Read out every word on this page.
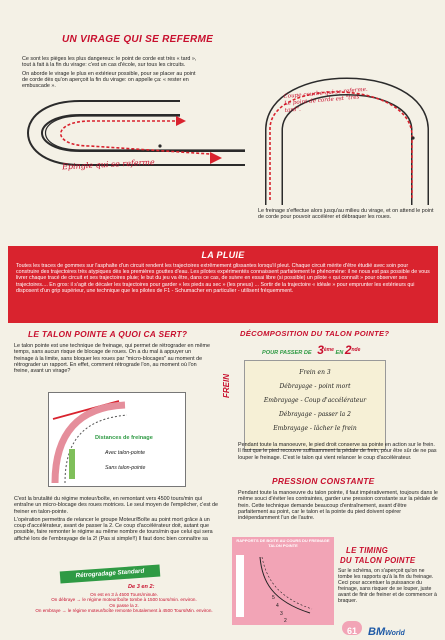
UN VIRAGE QUI SE REFERME

Ce sont les pièges les plus dangereux: le point de corde est très « tard », tout à fait à la fin du virage: c'est un cas d'école, sur tous les circuits.

On aborde le virage le plus en extérieur possible, pour se placer au point de corde dès qu'on aperçoit la fin du virage: on appelle ça: « rester en embuscade ».

Epingle qui se referme
Coupe courbe qui se referme. Le point de corde est "très tard".
Le freinage s'effectue alors jusqu'au milieu du virage, et on attend le point de corde pour pouvoir accélérer et débraquer les roues.
LA PLUIE
Toutes les traces de gommes sur l'asphalte d'un circuit rendent les trajectoires extrêmement glissantes lorsqu'il pleut. Chaque circuit mérite d'être étudié avec soin pour construire des trajectoires très atypiques dès les premières gouttes d'eau. Les pilotes expérimentés connaissent parfaitement le phénomène: il ne nous est pas possible de vous livrer chaque tracé de circuit et ses trajectoires pluie; le but du jeu va être, dans ce cas, de suivre en essai libre (si possible) un pilote « qui connaît » pour observer ses trajectoires.... En gros: il s'agit de décaler les trajectoires pour garder « les pieds au sec » (les pneus) ... Sortir de la trajectoire « idéale » pour emprunter les extérieurs qui disposent d'un grip supérieur, une technique que les pilotes de F1 - Schumacher en particulier - utilisent fréquemment.
LE TALON POINTE A QUOI CA SERT?
Le talon pointe est une technique de freinage, qui permet de rétrograder en même temps, sans aucun risque de blocage de roues. On a du mal à appuyer un freinage à la limite, sans bloquer les roues par "micro-blocages" au moment de rétrograder un rapport. En effet, comment rétrograde l'on, au moment où l'on freine, avant un virage?
Distances de freinage
Avec talon-pointe
Sans talon-pointe

C'est la brutalité du régime moteur/boîte, en remontant vers 4500 tours/min qui entraîne un micro-blocage des roues motrices. Le seul moyen de l'empêcher, c'est de freiner en talon-pointe.

L'opération permettra de relancer le groupe Moteur/Boîte au point mort grâce à un coup d'accélérateur, avant de passer la 2. Ce coup d'accélérateur doit, autant que possible, faire remonter le régime au même nombre de tours/min que celui qui sera affiché lors de l'embrayage de la 2! (Pas si simple!!) Il faut donc bien connaître sa

Rétrogradage Standard
De 3 en 2:
On est en 3 à 4500 Tours/minute.
On débraye → le régime moteur/boîte tombe à 1500 tours/min. environ.
On passe la 2.
On embraye → le régime moteur/boîte remonte brutalement à 4500 Tours/Min. environ.
DÉCOMPOSITION DU TALON POINTE?
POUR PASSER DE 3ème EN 2nde
FREIN
Frein en 3
Débrayage - point mort
Embrayage - Coup d'accélérateur
Débrayage - passer la 2
Embrayage - lâcher le frein
Pendant toute la manoeuvre, le pied droit conserve sa pointe en action sur le frein. Il faut que le pied recouvre suffisamment la pédale de frein, pour être sûr de ne pas louper le freinage. C'est le talon qui vient relancer le coup d'accélérateur.
PRESSION CONSTANTE
Pendant toute la manoeuvre du talon pointe, il faut impérativement, toujours dans le même souci d'éviter les contraintes, garder une pression constante sur la pédale de frein. Cette technique demande beaucoup d'entraînement, avant d'être parfaitement au point, car le talon et la pointe du pied doivent opérer indépendamment l'un de l'autre.
RAPPORTS DE BOITE AU COURS DU FREINAGE TALON POINTE
5
4
3
2
LE TIMING
DU TALON POINTE
Sur le schéma, on s'aperçoit qu'on ne tombe les rapports qu'à la fin du freinage. Ceci pour accentuer la puissance du freinage, sans risquer de se louper, juste avant de finir de freiner et de commencer à braquer.
61	BMWorld
